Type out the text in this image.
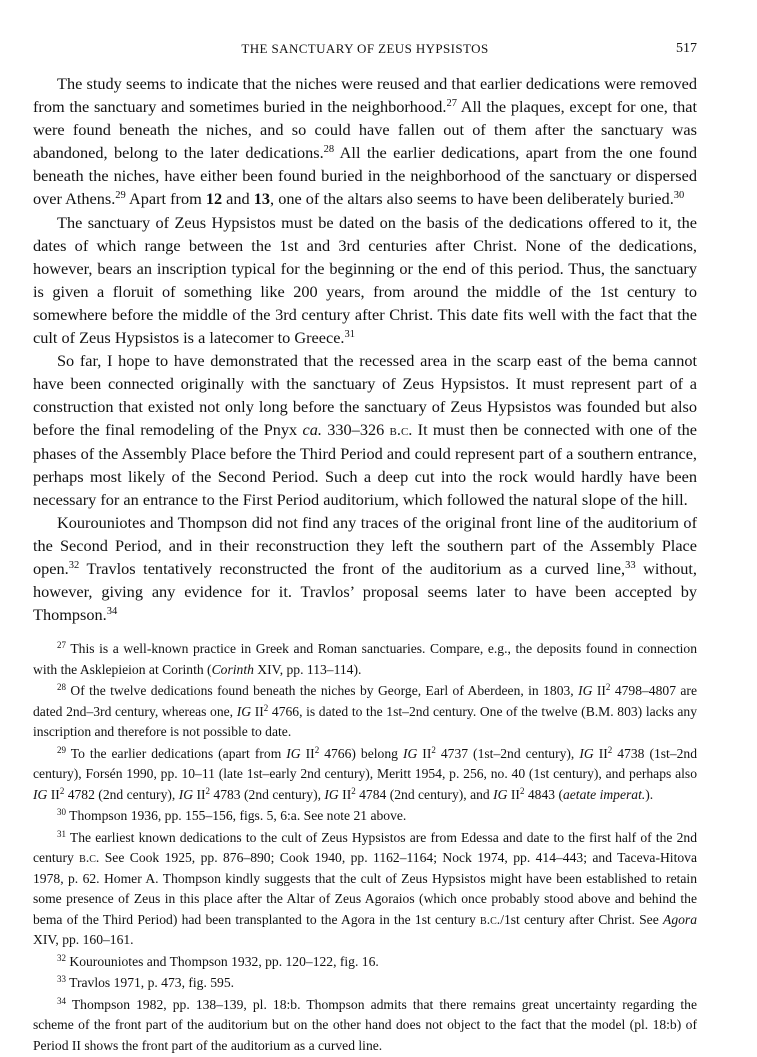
THE SANCTUARY OF ZEUS HYPSISTOS	517

The study seems to indicate that the niches were reused and that earlier dedications were removed from the sanctuary and sometimes buried in the neighborhood.$^{27}$ All the plaques, except for one, that were found beneath the niches, and so could have fallen out of them after the sanctuary was abandoned, belong to the later dedications.$^{28}$ All the earlier dedications, apart from the one found beneath the niches, have either been found buried in the neighborhood of the sanctuary or dispersed over Athens.$^{29}$ Apart from 12 and 13, one of the altars also seems to have been deliberately buried.$^{30}$

The sanctuary of Zeus Hypsistos must be dated on the basis of the dedications offered to it, the dates of which range between the 1st and 3rd centuries after Christ. None of the dedications, however, bears an inscription typical for the beginning or the end of this period. Thus, the sanctuary is given a floruit of something like 200 years, from around the middle of the 1st century to somewhere before the middle of the 3rd century after Christ. This date fits well with the fact that the cult of Zeus Hypsistos is a latecomer to Greece.$^{31}$

So far, I hope to have demonstrated that the recessed area in the scarp east of the bema cannot have been connected originally with the sanctuary of Zeus Hypsistos. It must represent part of a construction that existed not only long before the sanctuary of Zeus Hypsistos was founded but also before the final remodeling of the Pnyx ca. 330–326 b.c. It must then be connected with one of the phases of the Assembly Place before the Third Period and could represent part of a southern entrance, perhaps most likely of the Second Period. Such a deep cut into the rock would hardly have been necessary for an entrance to the First Period auditorium, which followed the natural slope of the hill.

Kourouniotes and Thompson did not find any traces of the original front line of the auditorium of the Second Period, and in their reconstruction they left the southern part of the Assembly Place open.$^{32}$ Travlos tentatively reconstructed the front of the auditorium as a curved line,$^{33}$ without, however, giving any evidence for it. Travlos’ proposal seems later to have been accepted by Thompson.$^{34}$

$^{27}$ This is a well-known practice in Greek and Roman sanctuaries. Compare, e.g., the deposits found in connection with the Asklepieion at Corinth (Corinth XIV, pp. 113–114).

$^{28}$ Of the twelve dedications found beneath the niches by George, Earl of Aberdeen, in 1803, IG $II^2$ 4798–4807 are dated 2nd–3rd century, whereas one, IG $II^2$ 4766, is dated to the 1st–2nd century. One of the twelve (B.M. 803) lacks any inscription and therefore is not possible to date.

$^{29}$ To the earlier dedications (apart from IG $II^2$ 4766) belong IG $II^2$ 4737 (1st–2nd century), IG $II^2$ 4738 (1st–2nd century), Forsén 1990, pp. 10–11 (late 1st–early 2nd century), Meritt 1954, p. 256, no. 40 (1st century), and perhaps also IG $II^2$ 4782 (2nd century), IG $II^2$ 4783 (2nd century), IG $II^2$ 4784 (2nd century), and IG $II^2$ 4843 (aetate imperat.).

$^{30}$ Thompson 1936, pp. 155–156, figs. 5, 6:a. See note 21 above.

$^{31}$ The earliest known dedications to the cult of Zeus Hypsistos are from Edessa and date to the first half of the 2nd century b.c. See Cook 1925, pp. 876–890; Cook 1940, pp. 1162–1164; Nock 1974, pp. 414–443; and Taceva-Hitova 1978, p. 62. Homer A. Thompson kindly suggests that the cult of Zeus Hypsistos might have been established to retain some presence of Zeus in this place after the Altar of Zeus Agoraios (which once probably stood above and behind the bema of the Third Period) had been transplanted to the Agora in the 1st century b.c./1st century after Christ. See Agora XIV, pp. 160–161.

$^{32}$ Kourouniotes and Thompson 1932, pp. 120–122, fig. 16.

$^{33}$ Travlos 1971, p. 473, fig. 595.

$^{34}$ Thompson 1982, pp. 138–139, pl. 18:b. Thompson admits that there remains great uncertainty regarding the scheme of the front part of the auditorium but on the other hand does not object to the fact that the model (pl. 18:b) of Period II shows the front part of the auditorium as a curved line.
